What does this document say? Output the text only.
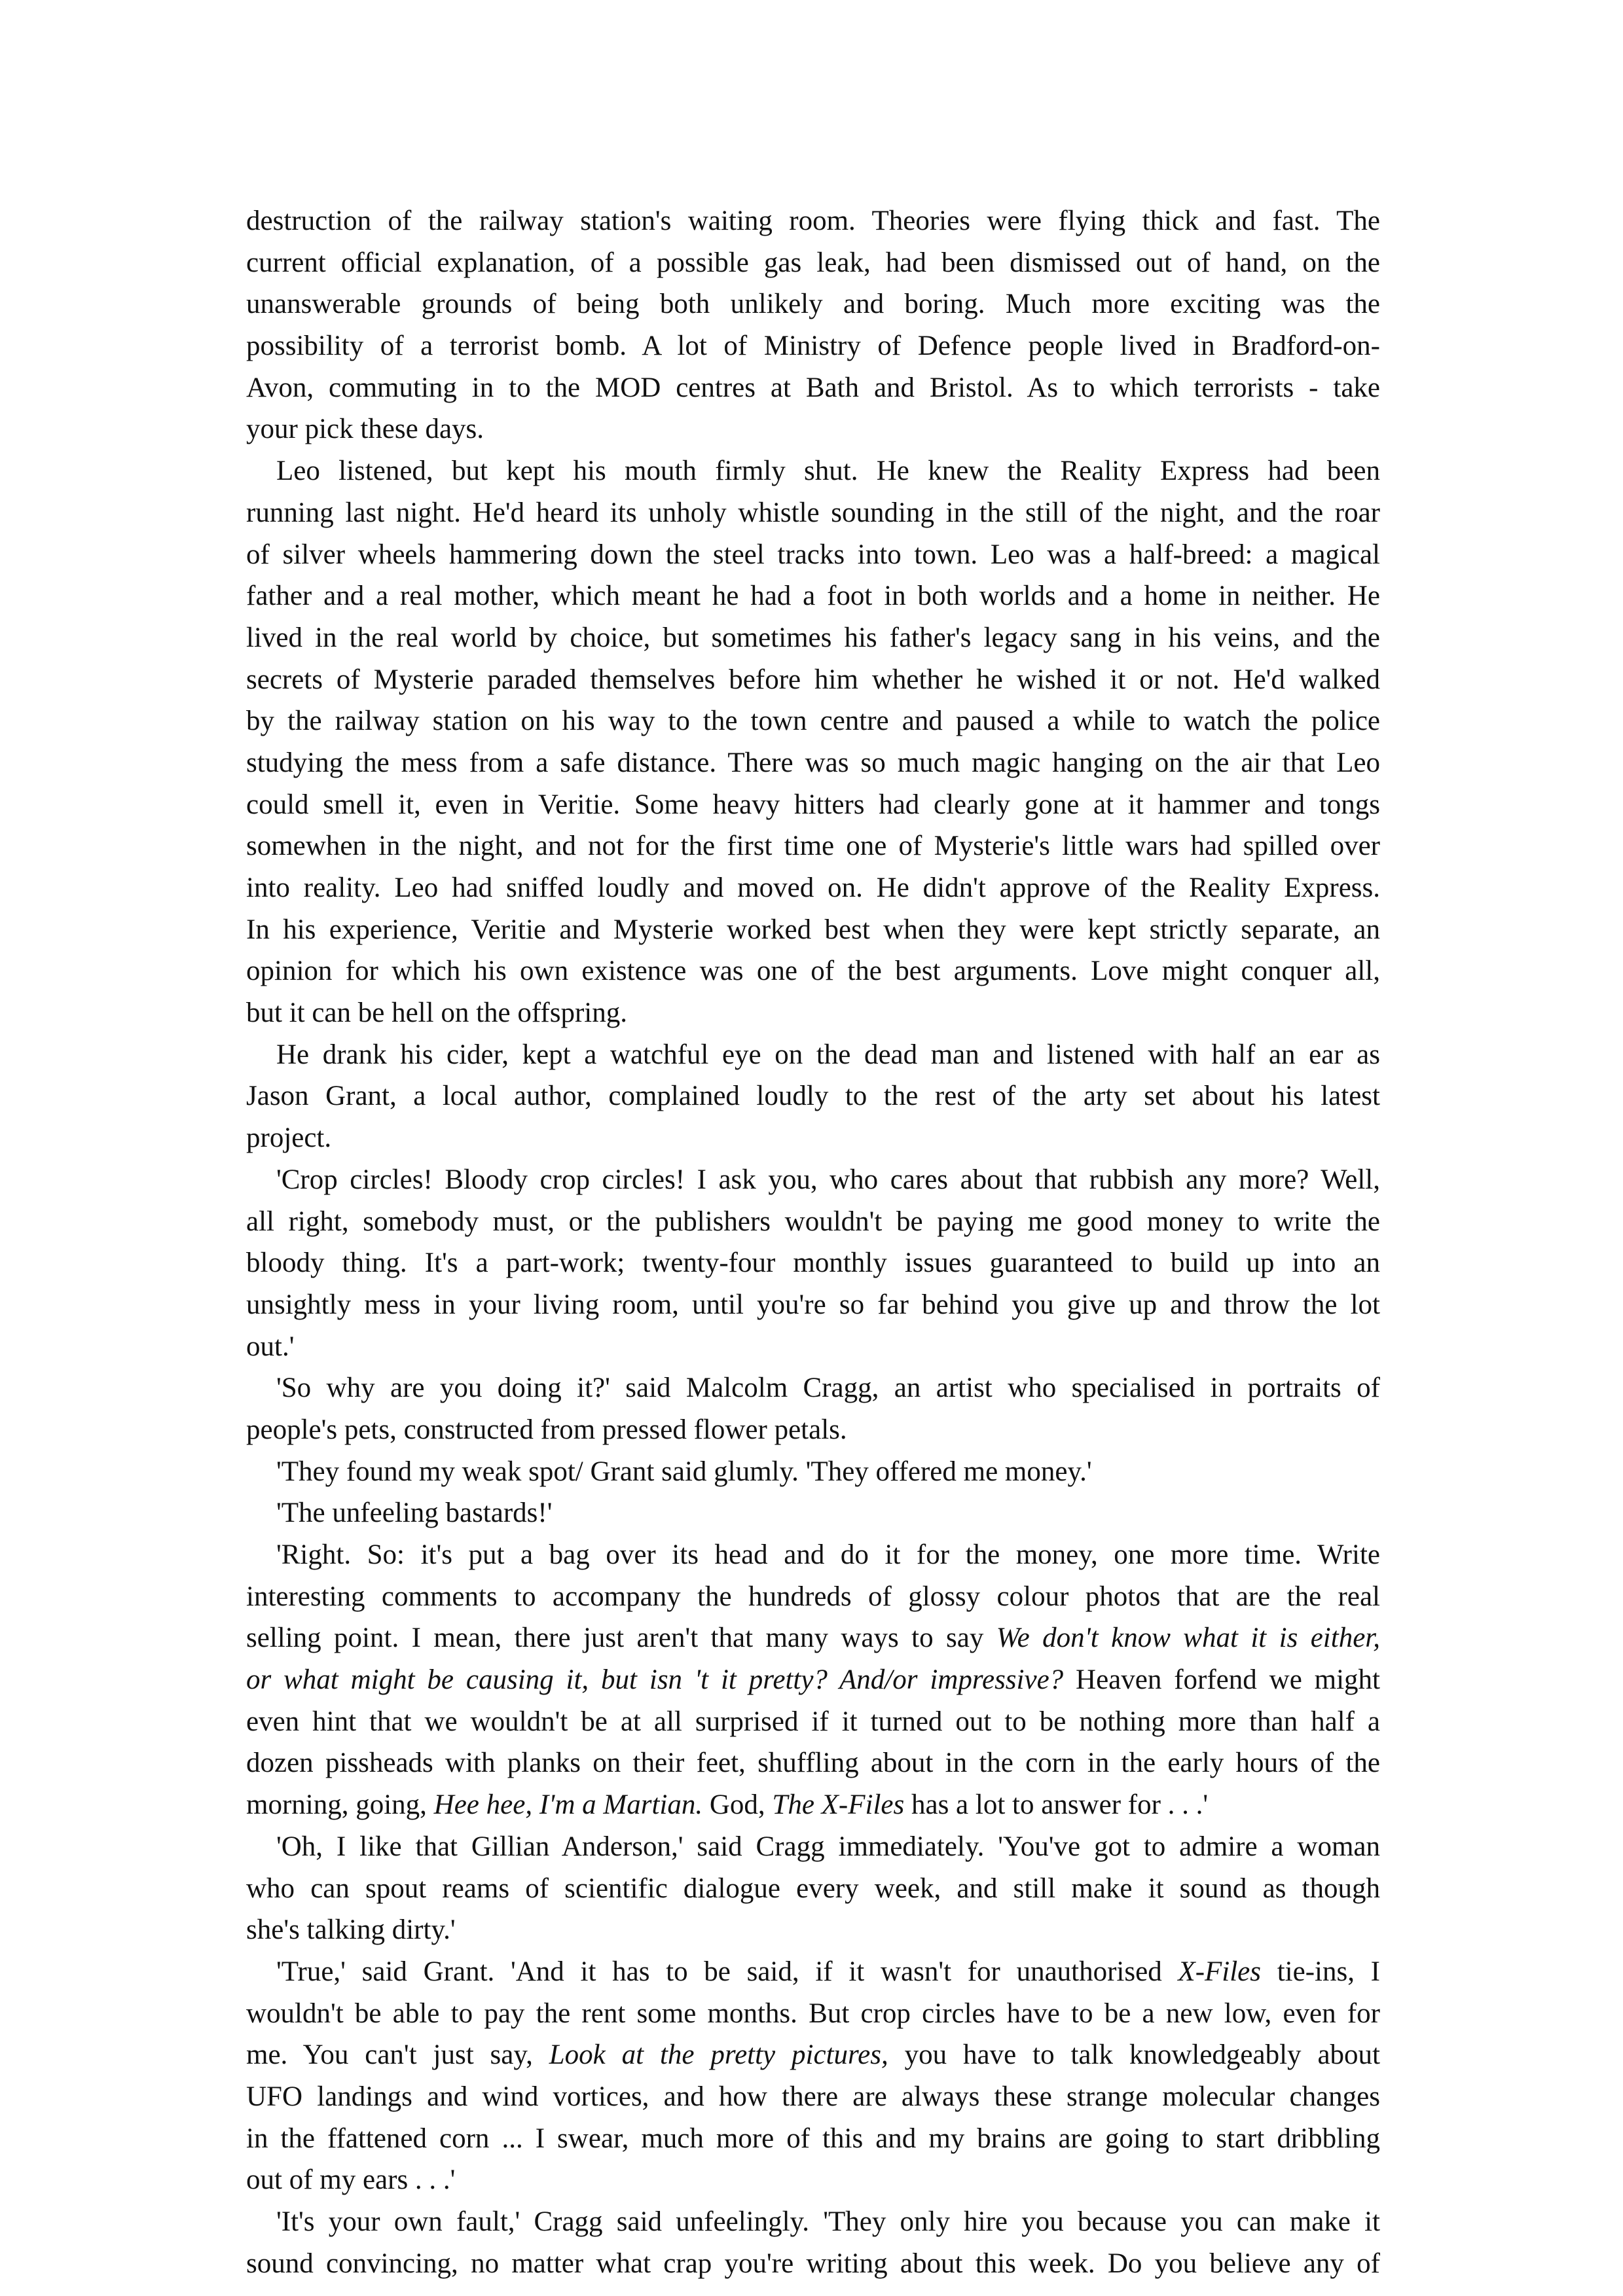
destruction of the railway station's waiting room. Theories were flying thick and fast. The
current official explanation, of a possible gas leak, had been dismissed out of hand, on the
unanswerable grounds of being both unlikely and boring. Much more exciting was the
possibility of a terrorist bomb. A lot of Ministry of Defence people lived in Bradford-on-
Avon, commuting in to the MOD centres at Bath and Bristol. As to which terrorists - take
your pick these days.
Leo listened, but kept his mouth firmly shut. He knew the Reality Express had been
running last night. He'd heard its unholy whistle sounding in the still of the night, and the roar
of silver wheels hammering down the steel tracks into town. Leo was a half-breed: a magical
father and a real mother, which meant he had a foot in both worlds and a home in neither. He
lived in the real world by choice, but sometimes his father's legacy sang in his veins, and the
secrets of Mysterie paraded themselves before him whether he wished it or not. He'd walked
by the railway station on his way to the town centre and paused a while to watch the police
studying the mess from a safe distance. There was so much magic hanging on the air that Leo
could smell it, even in Veritie. Some heavy hitters had clearly gone at it hammer and tongs
somewhen in the night, and not for the first time one of Mysterie's little wars had spilled over
into reality. Leo had sniffed loudly and moved on. He didn't approve of the Reality Express.
In his experience, Veritie and Mysterie worked best when they were kept strictly separate, an
opinion for which his own existence was one of the best arguments. Love might conquer all,
but it can be hell on the offspring.
He drank his cider, kept a watchful eye on the dead man and listened with half an ear as
Jason Grant, a local author, complained loudly to the rest of the arty set about his latest
project.
'Crop circles! Bloody crop circles! I ask you, who cares about that rubbish any more? Well,
all right, somebody must, or the publishers wouldn't be paying me good money to write the
bloody thing. It's a part-work; twenty-four monthly issues guaranteed to build up into an
unsightly mess in your living room, until you're so far behind you give up and throw the lot
out.'
'So why are you doing it?' said Malcolm Cragg, an artist who specialised in portraits of
people's pets, constructed from pressed flower petals.
'They found my weak spot/ Grant said glumly. 'They offered me money.'
'The unfeeling bastards!'
'Right. So: it's put a bag over its head and do it for the money, one more time. Write
interesting comments to accompany the hundreds of glossy colour photos that are the real
selling point. I mean, there just aren't that many ways to say We don't know what it is either,
or what might be causing it, but isn 't it pretty? And/or impressive? Heaven forfend we might
even hint that we wouldn't be at all surprised if it turned out to be nothing more than half a
dozen pissheads with planks on their feet, shuffling about in the corn in the early hours of the
morning, going, Hee hee, I'm a Martian. God, The X-Files has a lot to answer for . . .'
'Oh, I like that Gillian Anderson,' said Cragg immediately. 'You've got to admire a woman
who can spout reams of scientific dialogue every week, and still make it sound as though
she's talking dirty.'
'True,' said Grant. 'And it has to be said, if it wasn't for unauthorised X-Files tie-ins, I
wouldn't be able to pay the rent some months. But crop circles have to be a new low, even for
me. You can't just say, Look at the pretty pictures, you have to talk knowledgeably about
UFO landings and wind vortices, and how there are always these strange molecular changes
in the ffattened corn ... I swear, much more of this and my brains are going to start dribbling
out of my ears . . .'
'It's your own fault,' Cragg said unfeelingly. 'They only hire you because you can make it
sound convincing, no matter what crap you're writing about this week. Do you believe any of
